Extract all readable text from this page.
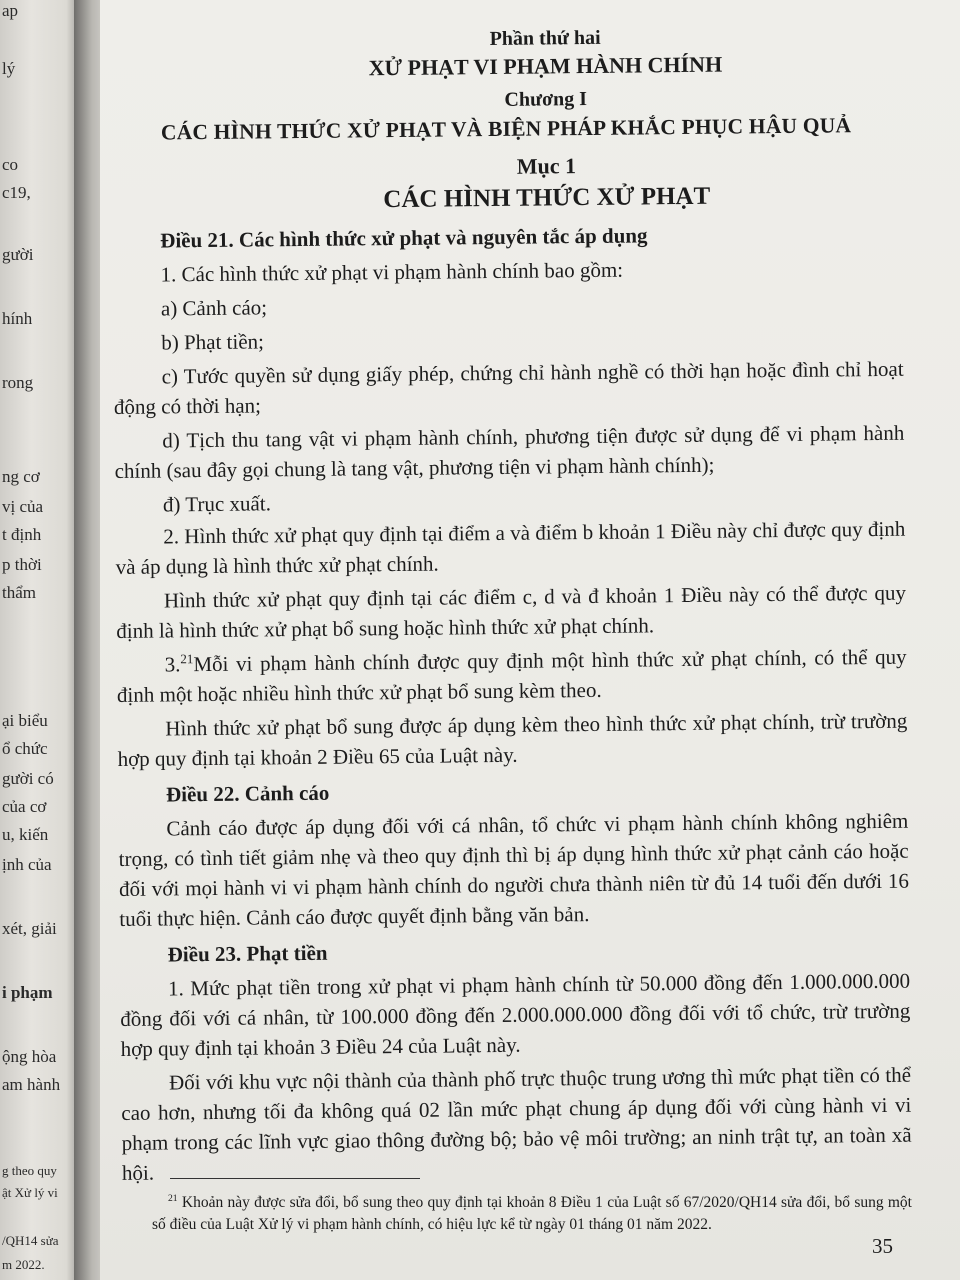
ap
lý
co
c19,
gười
hính
rong
ng cơ
vị của
t định
p thời
thẩm
ại biểu
ổ chức
gười có
của cơ
u, kiến
ịnh của
xét, giải
i phạm
ộng hòa
am hành
g theo quy
ật Xử lý vi
/QH14 sửa
m 2022.
Phần thứ hai
XỬ PHẠT VI PHẠM HÀNH CHÍNH
Chương I
CÁC HÌNH THỨC XỬ PHẠT VÀ BIỆN PHÁP KHẮC PHỤC HẬU QUẢ
Mục 1
CÁC HÌNH THỨC XỬ PHẠT
Điều 21. Các hình thức xử phạt và nguyên tắc áp dụng

1. Các hình thức xử phạt vi phạm hành chính bao gồm:

a) Cảnh cáo;

b) Phạt tiền;

c) Tước quyền sử dụng giấy phép, chứng chỉ hành nghề có thời hạn hoặc đình chỉ hoạt động có thời hạn;

d) Tịch thu tang vật vi phạm hành chính, phương tiện được sử dụng để vi phạm hành chính (sau đây gọi chung là tang vật, phương tiện vi phạm hành chính);

đ) Trục xuất.

2. Hình thức xử phạt quy định tại điểm a và điểm b khoản 1 Điều này chỉ được quy định và áp dụng là hình thức xử phạt chính.

Hình thức xử phạt quy định tại các điểm c, d và đ khoản 1 Điều này có thể được quy định là hình thức xử phạt bổ sung hoặc hình thức xử phạt chính.

3.21Mỗi vi phạm hành chính được quy định một hình thức xử phạt chính, có thể quy định một hoặc nhiều hình thức xử phạt bổ sung kèm theo.

Hình thức xử phạt bổ sung được áp dụng kèm theo hình thức xử phạt chính, trừ trường hợp quy định tại khoản 2 Điều 65 của Luật này.

Điều 22. Cảnh cáo

Cảnh cáo được áp dụng đối với cá nhân, tổ chức vi phạm hành chính không nghiêm trọng, có tình tiết giảm nhẹ và theo quy định thì bị áp dụng hình thức xử phạt cảnh cáo hoặc đối với mọi hành vi vi phạm hành chính do người chưa thành niên từ đủ 14 tuổi đến dưới 16 tuổi thực hiện. Cảnh cáo được quyết định bằng văn bản.

Điều 23. Phạt tiền

1. Mức phạt tiền trong xử phạt vi phạm hành chính từ 50.000 đồng đến 1.000.000.000 đồng đối với cá nhân, từ 100.000 đồng đến 2.000.000.000 đồng đối với tổ chức, trừ trường hợp quy định tại khoản 3 Điều 24 của Luật này.

Đối với khu vực nội thành của thành phố trực thuộc trung ương thì mức phạt tiền có thể cao hơn, nhưng tối đa không quá 02 lần mức phạt chung áp dụng đối với cùng hành vi vi phạm trong các lĩnh vực giao thông đường bộ; bảo vệ môi trường; an ninh trật tự, an toàn xã hội.

$^{21}$ Khoản này được sửa đổi, bổ sung theo quy định tại khoản 8 Điều 1 của Luật số 67/2020/QH14 sửa đổi, bổ sung một số điều của Luật Xử lý vi phạm hành chính, có hiệu lực kể từ ngày 01 tháng 01 năm 2022.
35
